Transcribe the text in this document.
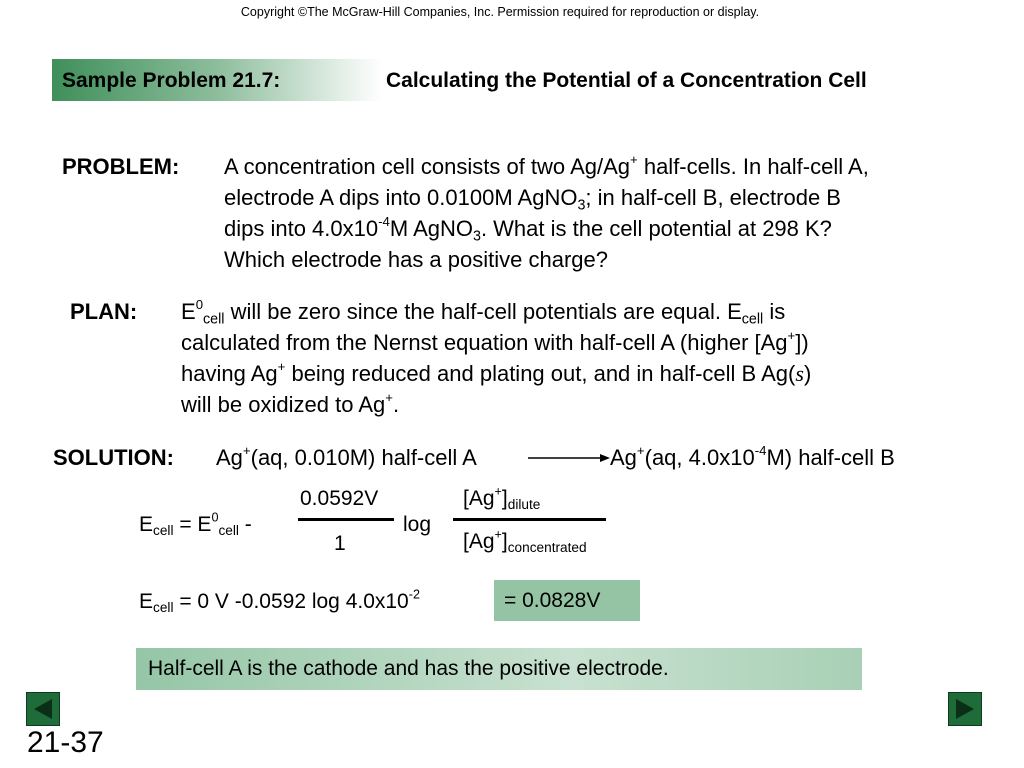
Copyright ©The McGraw-Hill Companies, Inc. Permission required for reproduction or display.
Sample Problem 21.7:	Calculating the Potential of a Concentration Cell
PROBLEM: A concentration cell consists of two Ag/Ag+ half-cells. In half-cell A,
electrode A dips into 0.0100M AgNO$_3$; in half-cell B, electrode B
dips into $4.0x10^{-4}M$ AgNO$_3$. What is the cell potential at 298 K?
Which electrode has a positive charge?
PLAN: $E^0_{cell}$ will be zero since the half-cell potentials are equal. $E_{cell}$ is
calculated from the Nernst equation with half-cell A (higher [Ag+])
having Ag+ being reduced and plating out, and in half-cell B Ag(s)
will be oxidized to Ag+.
SOLUTION: Ag+(aq, 0.010M) half-cell A	Ag+(aq, $4.0x10^{-4}M$) half-cell B
$E_{cell} = E^0_{cell}$ -
0.0592V
1
log
$[Ag^+]_{dilute}$
$[Ag^+]_{concentrated}$
$E_{cell} = 0$ V -0.0592 $\log 4.0x10^{-2}$	= 0.0828V
Half-cell A is the cathode and has the positive electrode.
21-37
